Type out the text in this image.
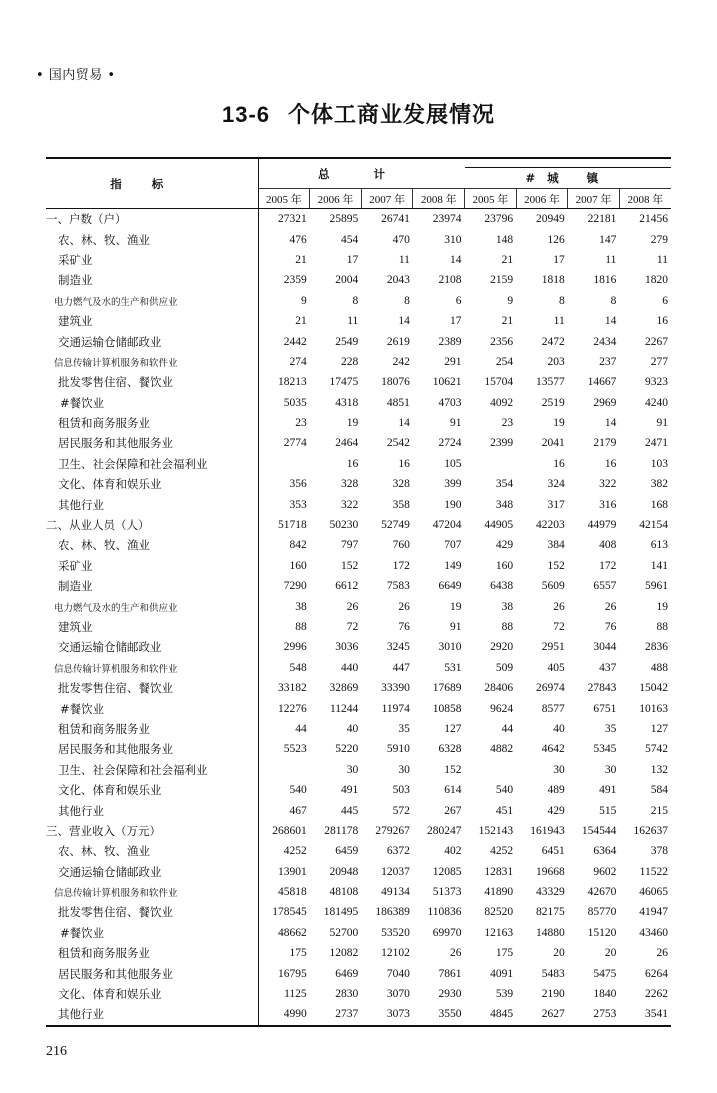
• 国内贸易 •
13-6 个体工商业发展情况
指标	总 计							
					#城 镇			
	2005 年	2006 年	2007 年	2008 年	2005 年	2006 年	2007 年	2008 年
一、户数（户）	27321	25895	26741	23974	23796	20949	22181	21456
农、林、牧、渔业	476	454	470	310	148	126	147	279
采矿业	21	17	11	14	21	17	11	11
制造业	2359	2004	2043	2108	2159	1818	1816	1820
电力燃气及水的生产和供应业	9	8	8	6	9	8	8	6
建筑业	21	11	14	17	21	11	14	16
交通运输仓储邮政业	2442	2549	2619	2389	2356	2472	2434	2267
信息传输计算机服务和软件业	274	228	242	291	254	203	237	277
批发零售住宿、餐饮业	18213	17475	18076	10621	15704	13577	14667	9323
#餐饮业	5035	4318	4851	4703	4092	2519	2969	4240
租赁和商务服务业	23	19	14	91	23	19	14	91
居民服务和其他服务业	2774	2464	2542	2724	2399	2041	2179	2471
卫生、社会保障和社会福利业		16	16	105		16	16	103
文化、体育和娱乐业	356	328	328	399	354	324	322	382
其他行业	353	322	358	190	348	317	316	168
二、从业人员（人）	51718	50230	52749	47204	44905	42203	44979	42154
农、林、牧、渔业	842	797	760	707	429	384	408	613
采矿业	160	152	172	149	160	152	172	141
制造业	7290	6612	7583	6649	6438	5609	6557	5961
电力燃气及水的生产和供应业	38	26	26	19	38	26	26	19
建筑业	88	72	76	91	88	72	76	88
交通运输仓储邮政业	2996	3036	3245	3010	2920	2951	3044	2836
信息传输计算机服务和软件业	548	440	447	531	509	405	437	488
批发零售住宿、餐饮业	33182	32869	33390	17689	28406	26974	27843	15042
#餐饮业	12276	11244	11974	10858	9624	8577	6751	10163
租赁和商务服务业	44	40	35	127	44	40	35	127
居民服务和其他服务业	5523	5220	5910	6328	4882	4642	5345	5742
卫生、社会保障和社会福利业		30	30	152		30	30	132
文化、体育和娱乐业	540	491	503	614	540	489	491	584
其他行业	467	445	572	267	451	429	515	215
三、营业收入（万元）	268601	281178	279267	280247	152143	161943	154544	162637
农、林、牧、渔业	4252	6459	6372	402	4252	6451	6364	378
交通运输仓储邮政业	13901	20948	12037	12085	12831	19668	9602	11522
信息传输计算机服务和软件业	45818	48108	49134	51373	41890	43329	42670	46065
批发零售住宿、餐饮业	178545	181495	186389	110836	82520	82175	85770	41947
#餐饮业	48662	52700	53520	69970	12163	14880	15120	43460
租赁和商务服务业	175	12082	12102	26	175	20	20	26
居民服务和其他服务业	16795	6469	7040	7861	4091	5483	5475	6264
文化、体育和娱乐业	1125	2830	3070	2930	539	2190	1840	2262
其他行业	4990	2737	3073	3550	4845	2627	2753	3541
216
